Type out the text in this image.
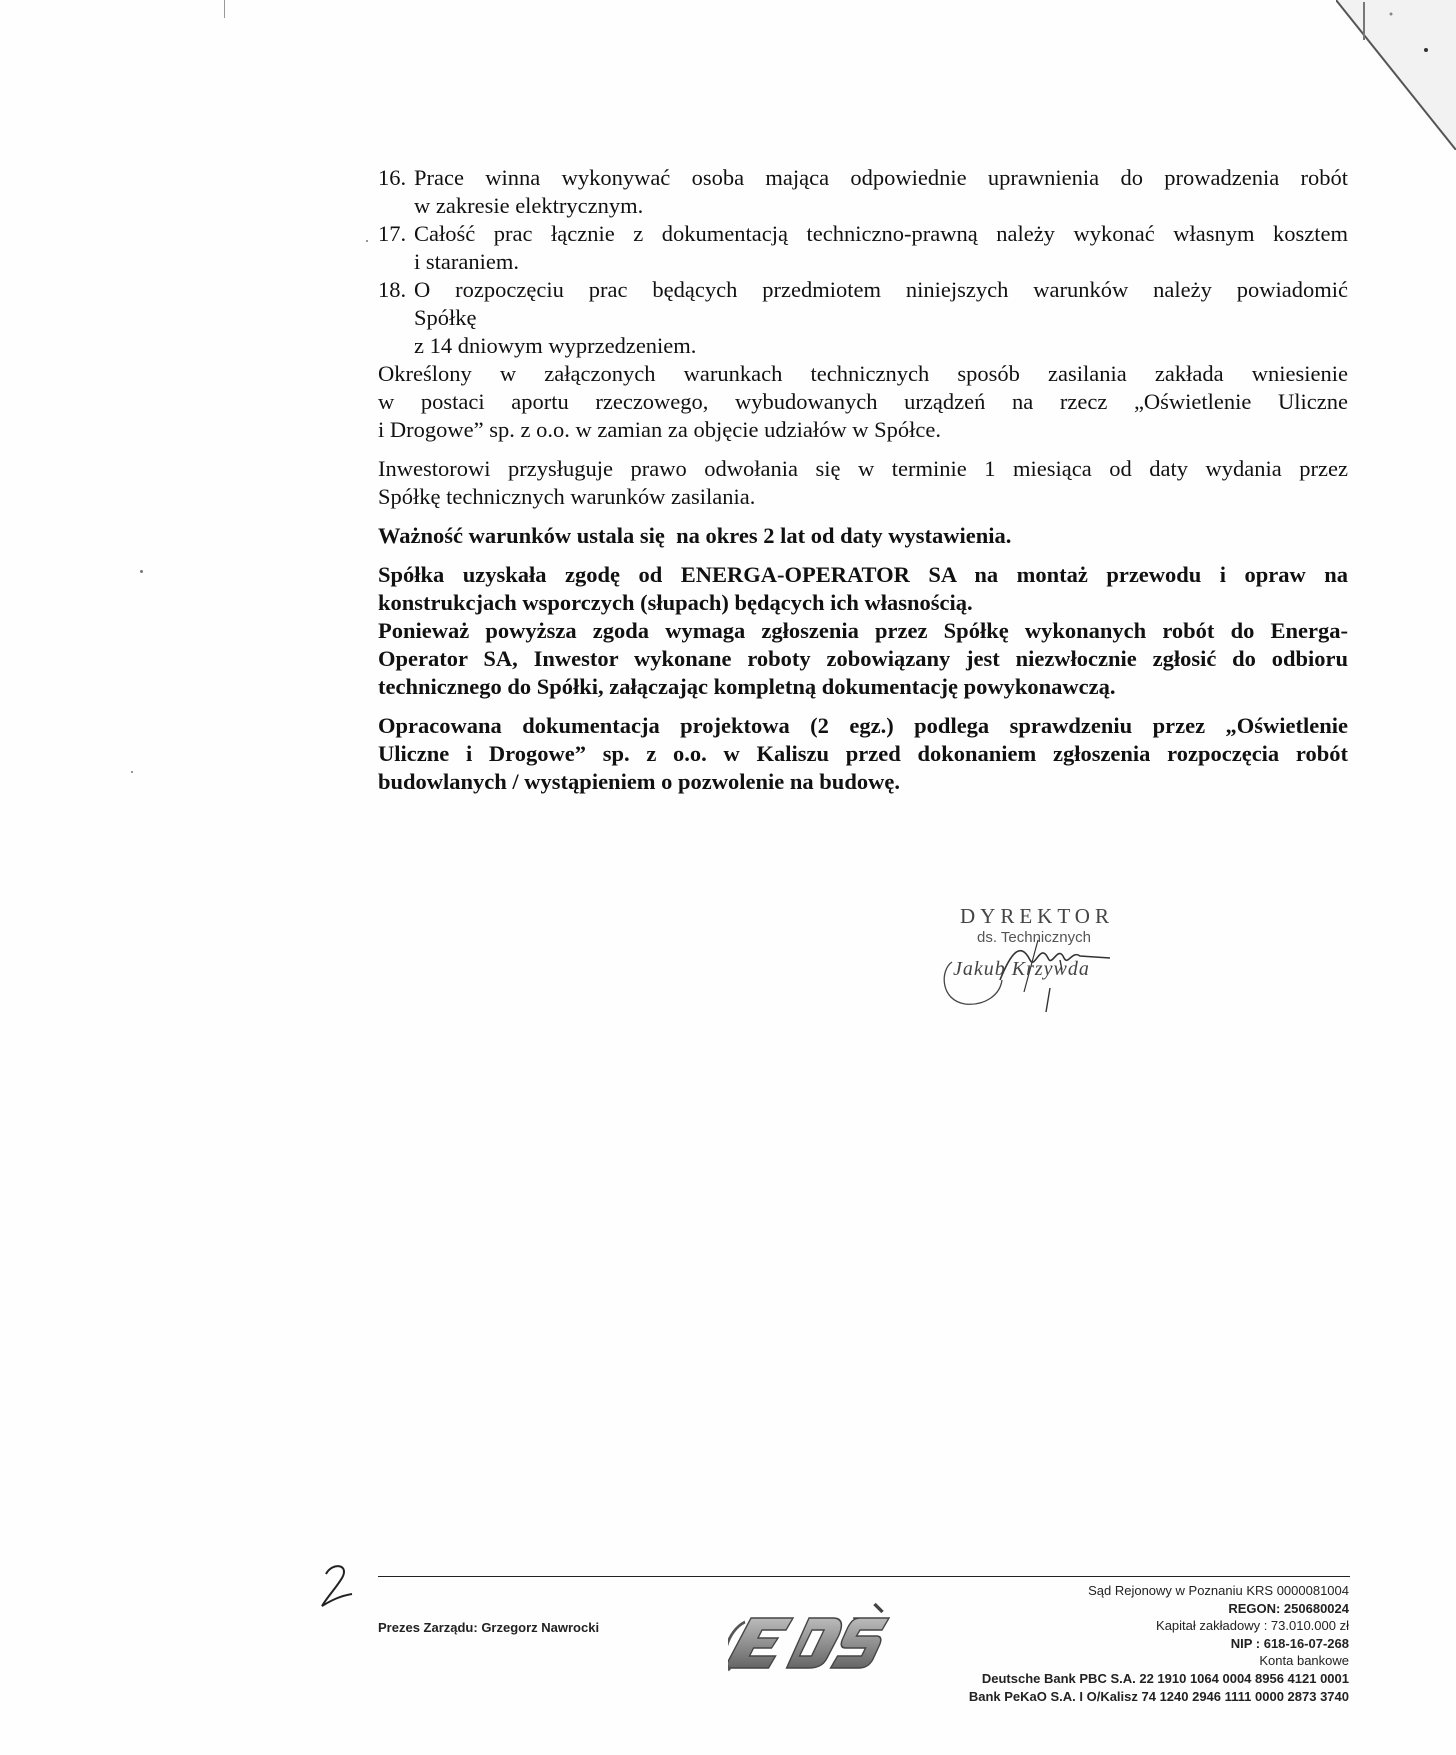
16. Prace winna wykonywać osoba mająca odpowiednie uprawnienia do prowadzenia robót
w zakresie elektrycznym.
17. Całość prac łącznie z dokumentacją techniczno-prawną należy wykonać własnym kosztem
i staraniem.
18. O rozpoczęciu prac będących przedmiotem niniejszych warunków należy powiadomić
Spółkę
z 14 dniowym wyprzedzeniem.

Określony w załączonych warunkach technicznych sposób zasilania zakłada wniesienie
w postaci aportu rzeczowego, wybudowanych urządzeń na rzecz „Oświetlenie Uliczne
i Drogowe” sp. z o.o. w zamian za objęcie udziałów w Spółce.

Inwestorowi przysługuje prawo odwołania się w terminie 1 miesiąca od daty wydania przez
Spółkę technicznych warunków zasilania.

Ważność warunków ustala się  na okres 2 lat od daty wystawienia.

Spółka uzyskała zgodę od ENERGA-OPERATOR SA na montaż przewodu i opraw na
konstrukcjach wsporczych (słupach) będących ich własnością.

Ponieważ powyższa zgoda wymaga zgłoszenia przez Spółkę wykonanych robót do Energa-
Operator SA, Inwestor wykonane roboty zobowiązany jest niezwłocznie zgłosić do odbioru
technicznego do Spółki, załączając kompletną dokumentację powykonawczą.

Opracowana dokumentacja projektowa (2 egz.) podlega sprawdzeniu przez „Oświetlenie
Uliczne i Drogowe” sp. z o.o. w Kaliszu przed dokonaniem zgłoszenia rozpoczęcia robót
budowlanych / wystąpieniem o pozwolenie na budowę.

DYREKTOR
ds. Technicznych
Jakub Krzywda
Prezes Zarządu: Grzegorz Nawrocki
Sąd Rejonowy w Poznaniu KRS 0000081004
REGON: 250680024
Kapitał zakładowy : 73.010.000 zł
NIP : 618-16-07-268
Konta bankowe
Deutsche Bank PBC S.A. 22 1910 1064 0004 8956 4121 0001
Bank PeKaO S.A. I O/Kalisz 74 1240 2946 1111 0000 2873 3740
